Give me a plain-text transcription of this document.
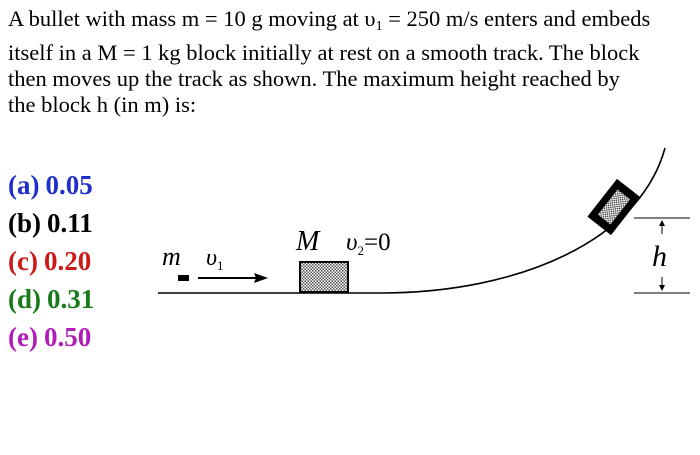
A bullet with mass m = 10 g moving at $\upsilon_1 = 250$ m/s enters and embeds
itself in a M = 1 kg block initially at rest on a smooth track. The block
then moves up the track as shown. The maximum height reached by
the block h (in m) is:

(a) 0.05
(b) 0.11
(c) 0.20
(d) 0.31
(e) 0.50
m $\upsilon_1$
M $\upsilon_2=0$	h
